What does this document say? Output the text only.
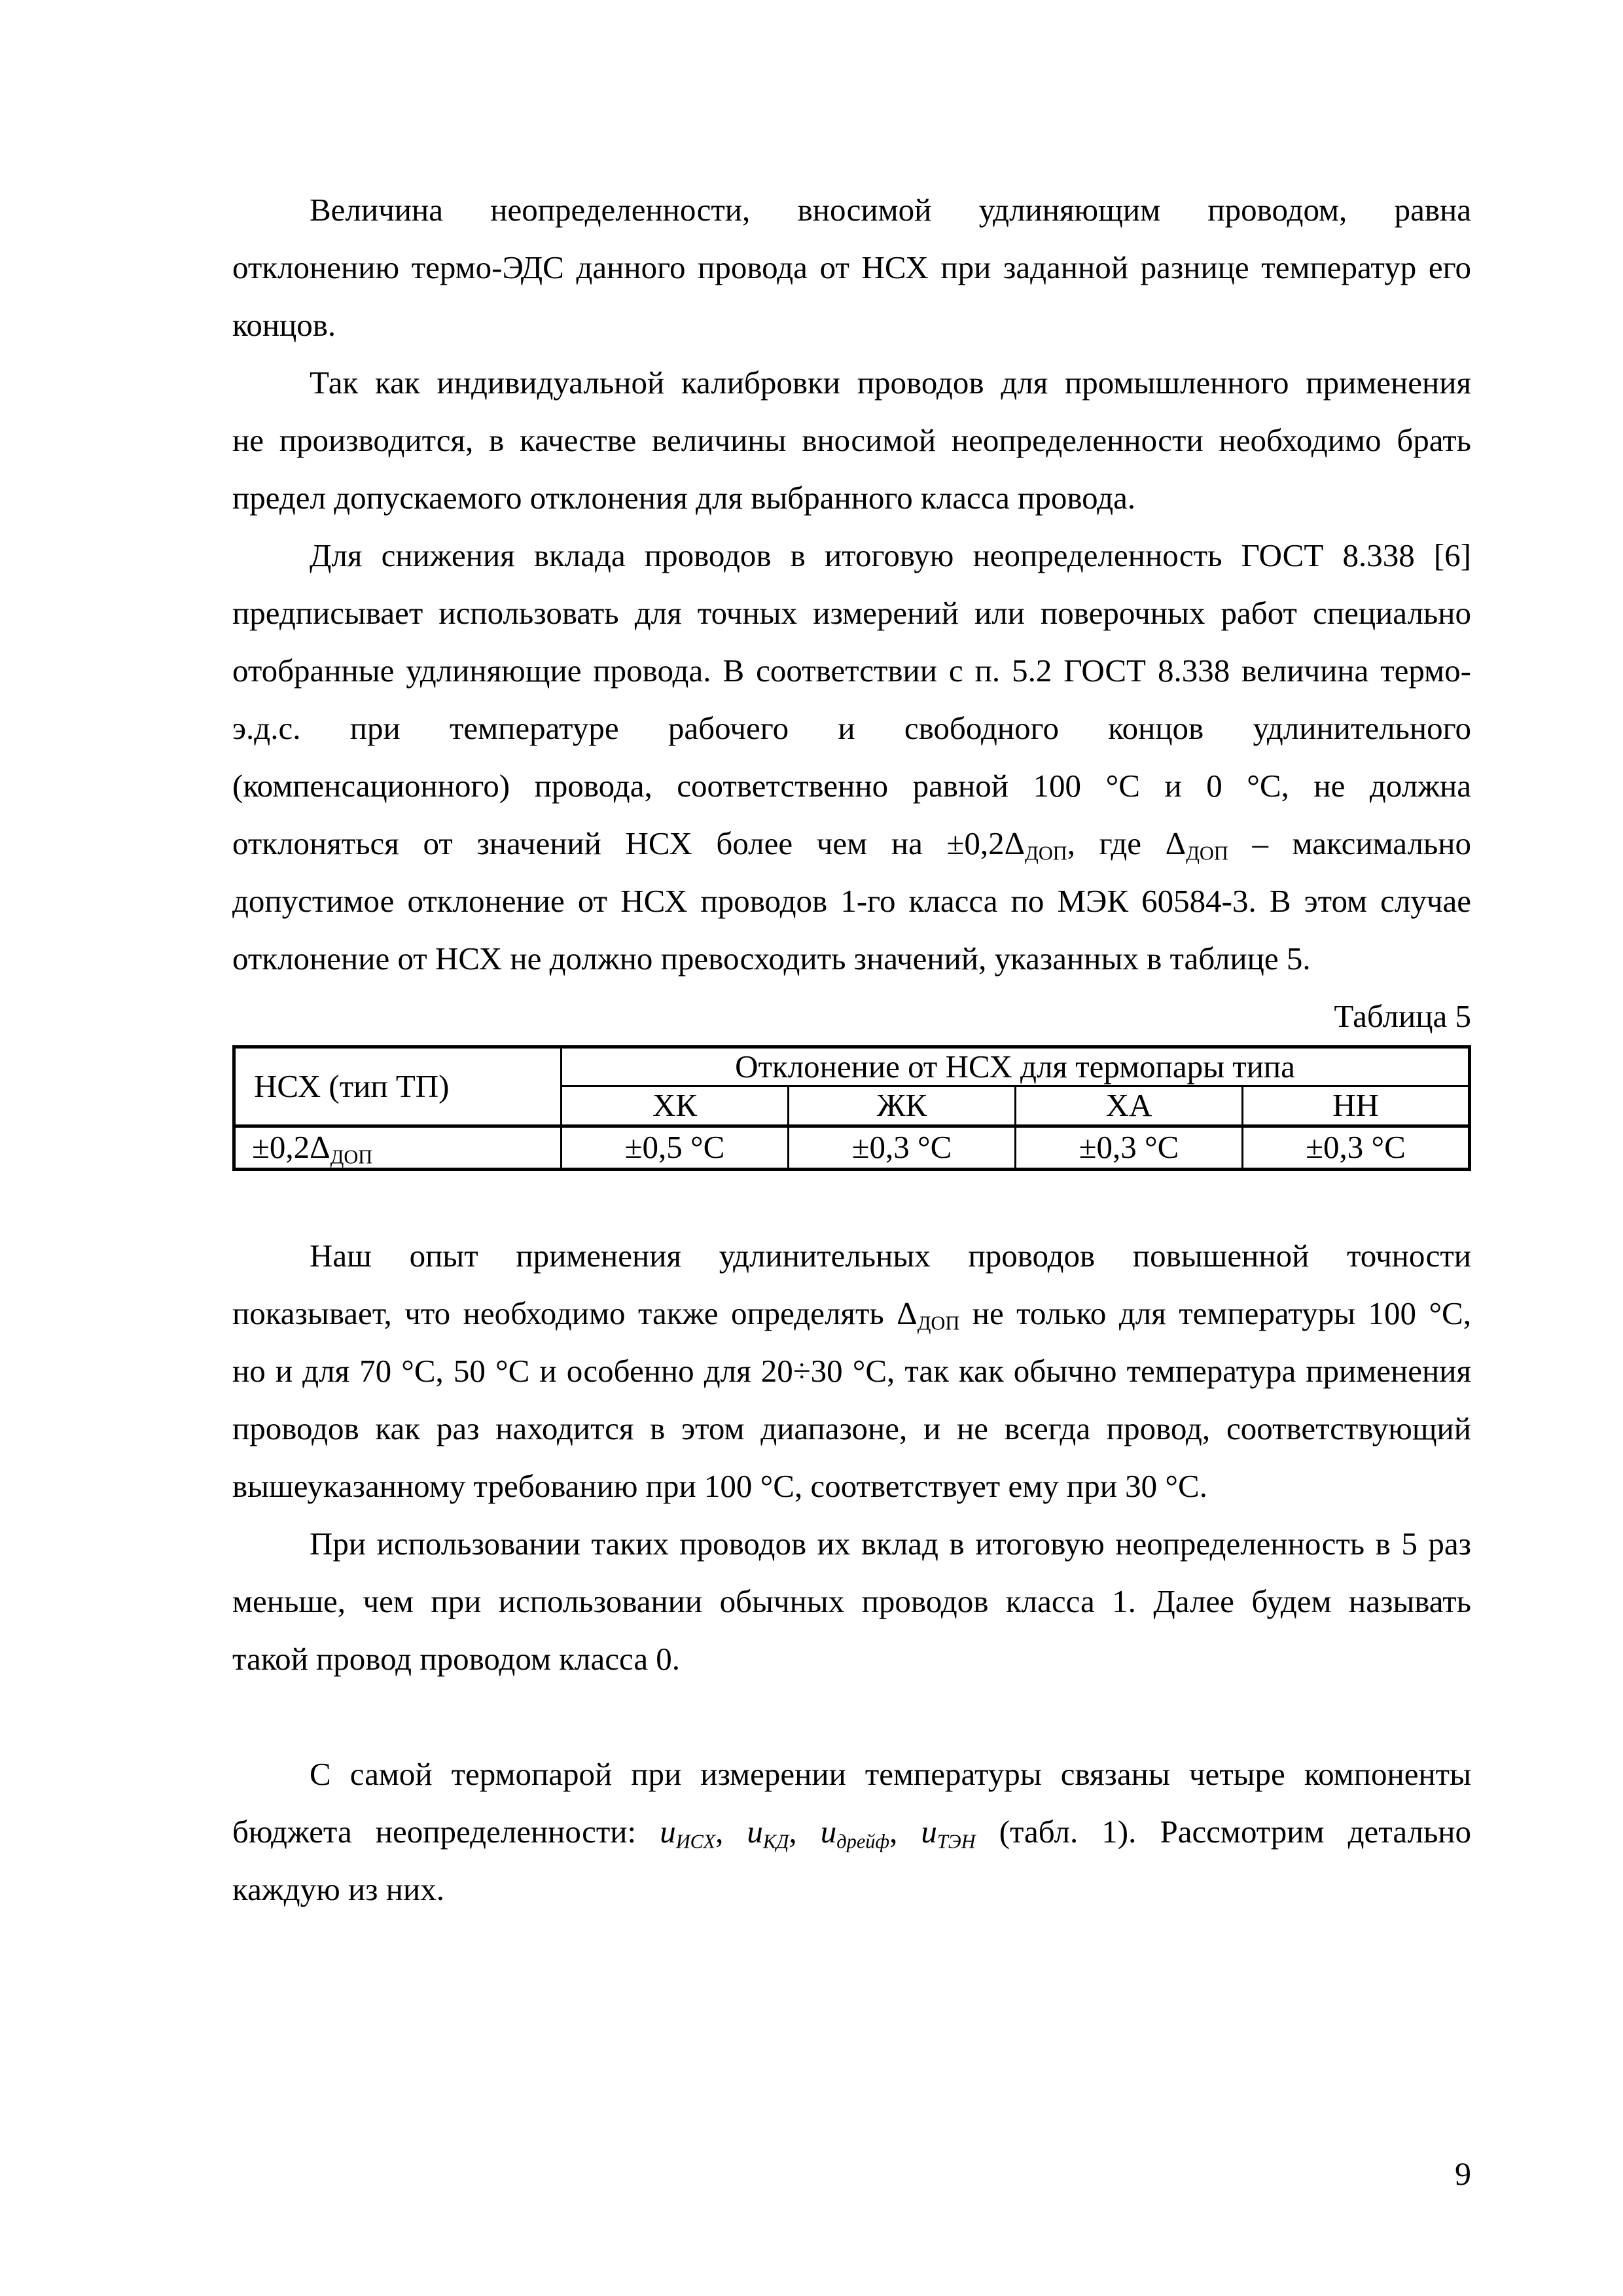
Величина неопределенности, вносимой удлиняющим проводом, равна
отклонению термо-ЭДС данного провода от НСХ при заданной разнице температур его
концов.
Так как индивидуальной калибровки проводов для промышленного применения
не производится, в качестве величины вносимой неопределенности необходимо брать
предел допускаемого отклонения для выбранного класса провода.
Для снижения вклада проводов в итоговую неопределенность ГОСТ 8.338 [6]
предписывает использовать для точных измерений или поверочных работ специально
отобранные удлиняющие провода. В соответствии с п. 5.2 ГОСТ 8.338 величина термо-
э.д.с. при температуре рабочего и свободного концов удлинительного
(компенсационного) провода, соответственно равной 100 °С и 0 °С, не должна
отклоняться от значений НСХ более чем на $\pm 0,2\Delta_{ДОП}$, где $\Delta_{ДОП}$ – максимально
допустимое отклонение от НСХ проводов 1-го класса по МЭК 60584-3. В этом случае
отклонение от НСХ не должно превосходить значений, указанных в таблице 5.
Таблица 5
НСХ (тип ТП)	Отклонение от НСХ для термопары типа			
	ХК	ЖК	ХА	НН
$\pm 0,2\Delta_{ДОП}$	±0,5 °С	±0,3 °С	±0,3 °С	±0,3 °С
Наш опыт применения удлинительных проводов повышенной точности
показывает, что необходимо также определять $\Delta_{ДОП}$ не только для температуры 100 °С,
но и для 70 °С, 50 °С и особенно для 20÷30 °С, так как обычно температура применения
проводов как раз находится в этом диапазоне, и не всегда провод, соответствующий
вышеуказанному требованию при 100 °С, соответствует ему при 30 °С.
При использовании таких проводов их вклад в итоговую неопределенность в 5 раз
меньше, чем при использовании обычных проводов класса 1. Далее будем называть
такой провод проводом класса 0.
С самой термопарой при измерении температуры связаны четыре компоненты
бюджета неопределенности: $u_{ИСХ}$, $u_{КД}$, $u_{дрейф}$, $u_{ТЭН}$ (табл. 1). Рассмотрим детально
каждую из них.
9
